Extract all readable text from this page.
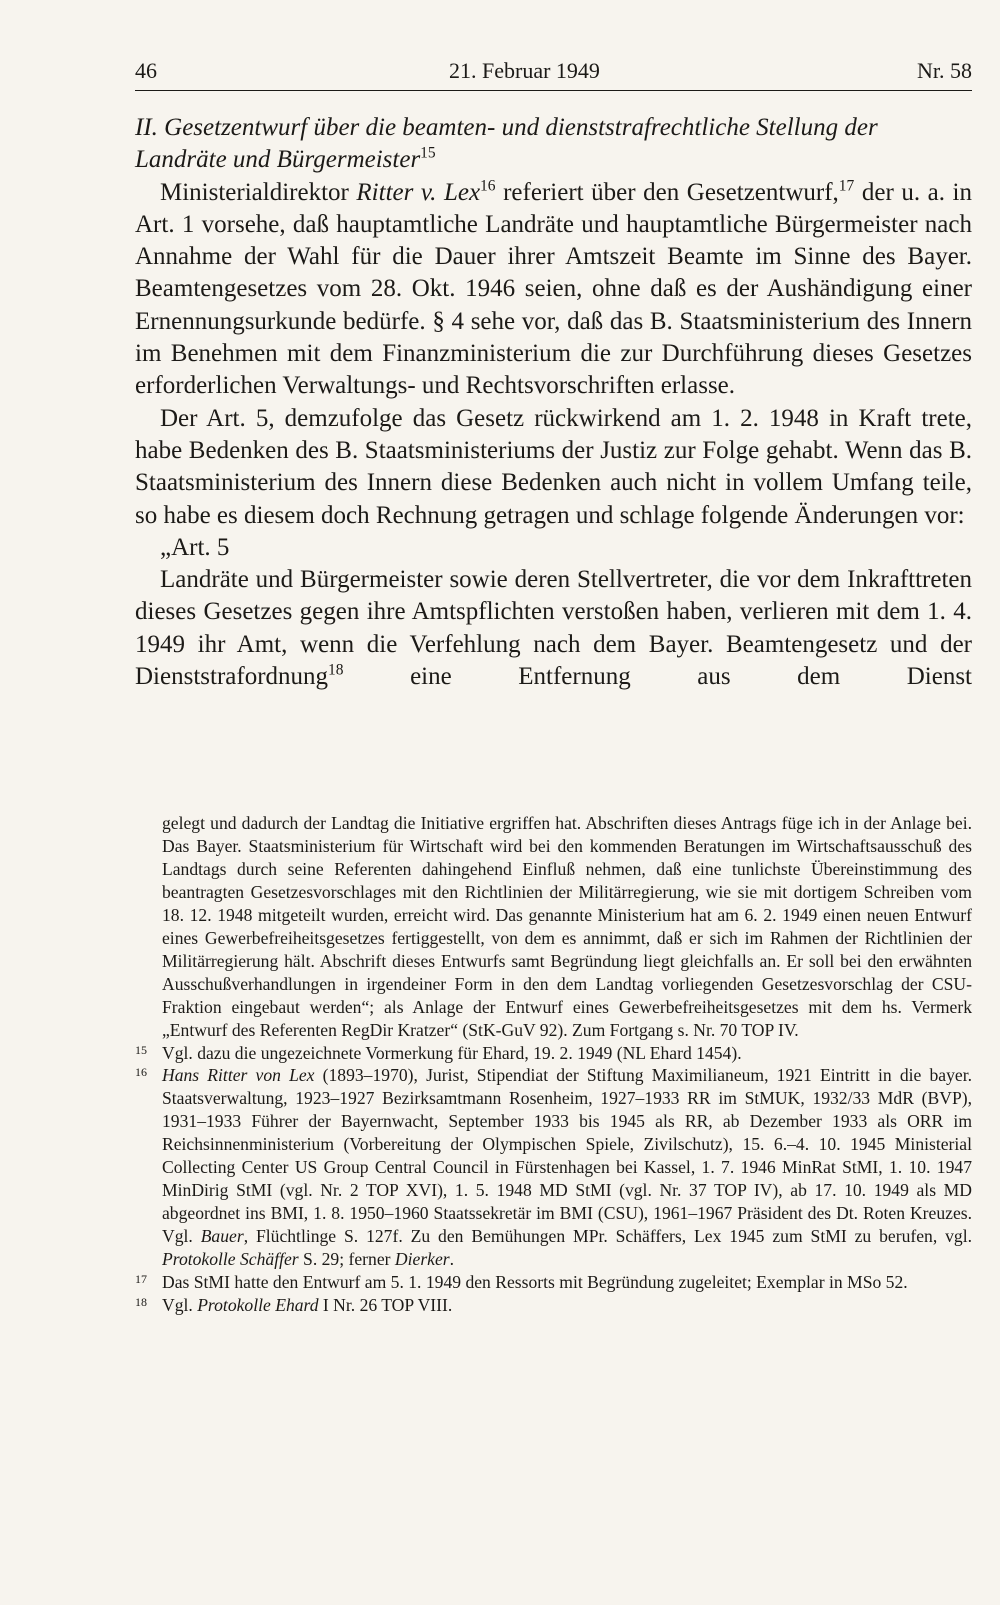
46	21. Februar 1949	Nr. 58

II. Gesetzentwurf über die beamten- und dienststrafrechtliche Stellung der Landräte und Bürgermeister$^{15}$

Ministerialdirektor Ritter v. Lex$^{16}$ referiert über den Gesetzentwurf,$^{17}$ der u. a. in Art. 1 vorsehe, daß hauptamtliche Landräte und hauptamtliche Bürgermeister nach Annahme der Wahl für die Dauer ihrer Amtszeit Beamte im Sinne des Bayer. Beamtengesetzes vom 28. Okt. 1946 seien, ohne daß es der Aushändigung einer Ernennungsurkunde bedürfe. § 4 sehe vor, daß das B. Staatsministerium des Innern im Benehmen mit dem Finanzministerium die zur Durchführung dieses Gesetzes erforderlichen Verwaltungs- und Rechtsvorschriften erlasse.

Der Art. 5, demzufolge das Gesetz rückwirkend am 1. 2. 1948 in Kraft trete, habe Bedenken des B. Staatsministeriums der Justiz zur Folge gehabt. Wenn das B. Staatsministerium des Innern diese Bedenken auch nicht in vollem Umfang teile, so habe es diesem doch Rechnung getragen und schlage folgende Änderungen vor:

„Art. 5

Landräte und Bürgermeister sowie deren Stellvertreter, die vor dem Inkrafttreten dieses Gesetzes gegen ihre Amtspflichten verstoßen haben, verlieren mit dem 1. 4. 1949 ihr Amt, wenn die Verfehlung nach dem Bayer. Beamtengesetz und der Dienststrafordnung$^{18}$ eine Entfernung aus dem Dienst

gelegt und dadurch der Landtag die Initiative ergriffen hat. Abschriften dieses Antrags füge ich in der Anlage bei. Das Bayer. Staatsministerium für Wirtschaft wird bei den kommenden Beratungen im Wirtschaftsausschuß des Landtags durch seine Referenten dahingehend Einfluß nehmen, daß eine tunlichste Übereinstimmung des beantragten Gesetzesvorschlages mit den Richtlinien der Militärregierung, wie sie mit dortigem Schreiben vom 18. 12. 1948 mitgeteilt wurden, erreicht wird. Das genannte Ministerium hat am 6. 2. 1949 einen neuen Entwurf eines Gewerbefreiheitsgesetzes fertiggestellt, von dem es annimmt, daß er sich im Rahmen der Richtlinien der Militärregierung hält. Abschrift dieses Entwurfs samt Begründung liegt gleichfalls an. Er soll bei den erwähnten Ausschußverhandlungen in irgendeiner Form in den dem Landtag vorliegenden Gesetzesvorschlag der CSU-Fraktion eingebaut werden“; als Anlage der Entwurf eines Gewerbefreiheitsgesetzes mit dem hs. Vermerk „Entwurf des Referenten RegDir Kratzer“ (StK-GuV 92). Zum Fortgang s. Nr. 70 TOP IV.

15 Vgl. dazu die ungezeichnete Vormerkung für Ehard, 19. 2. 1949 (NL Ehard 1454).

16 Hans Ritter von Lex (1893–1970), Jurist, Stipendiat der Stiftung Maximilianeum, 1921 Eintritt in die bayer. Staatsverwaltung, 1923–1927 Bezirksamtmann Rosenheim, 1927–1933 RR im StMUK, 1932/33 MdR (BVP), 1931–1933 Führer der Bayernwacht, September 1933 bis 1945 als RR, ab Dezember 1933 als ORR im Reichsinnenministerium (Vorbereitung der Olympischen Spiele, Zivilschutz), 15. 6.–4. 10. 1945 Ministerial Collecting Center US Group Central Council in Fürstenhagen bei Kassel, 1. 7. 1946 MinRat StMI, 1. 10. 1947 MinDirig StMI (vgl. Nr. 2 TOP XVI), 1. 5. 1948 MD StMI (vgl. Nr. 37 TOP IV), ab 17. 10. 1949 als MD abgeordnet ins BMI, 1. 8. 1950–1960 Staatssekretär im BMI (CSU), 1961–1967 Präsident des Dt. Roten Kreuzes. Vgl. Bauer, Flüchtlinge S. 127f. Zu den Bemühungen MPr. Schäffers, Lex 1945 zum StMI zu berufen, vgl. Protokolle Schäffer S. 29; ferner Dierker.

17 Das StMI hatte den Entwurf am 5. 1. 1949 den Ressorts mit Begründung zugeleitet; Exemplar in MSo 52.

18 Vgl. Protokolle Ehard I Nr. 26 TOP VIII.
